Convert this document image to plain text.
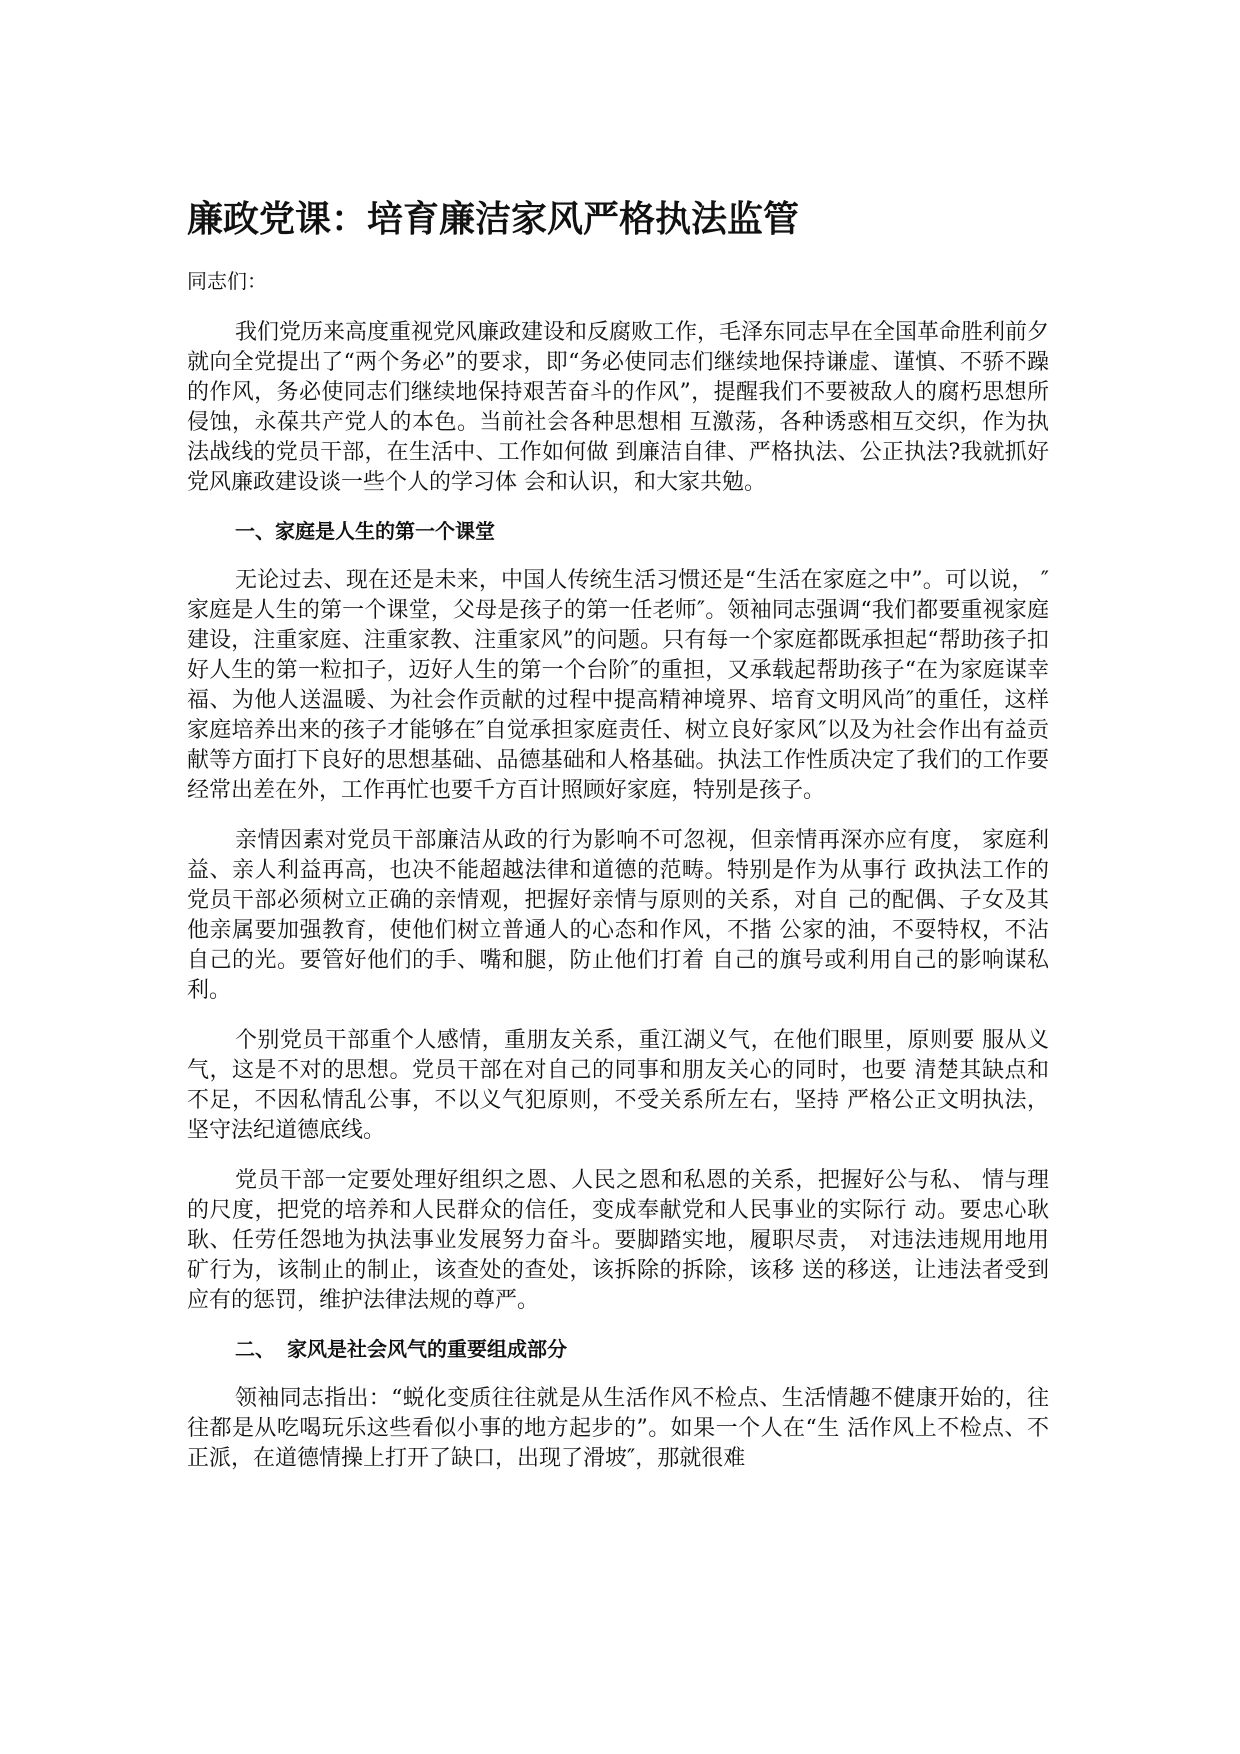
廉政党课：培育廉洁家风严格执法监管

同志们：

我们党历来高度重视党风廉政建设和反腐败工作，毛泽东同志早在全国革命胜利前夕就向全党提出了“两个务必”的要求，即“务必使同志们继续地保持谦虚、谨慎、不骄不躁的作风，务必使同志们继续地保持艰苦奋斗的作风”，提醒我们不要被敌人的腐朽思想所侵蚀，永葆共产党人的本色。当前社会各种思想相 互激荡，各种诱惑相互交织，作为执法战线的党员干部，在生活中、工作如何做 到廉洁自律、严格执法、公正执法?我就抓好党风廉政建设谈一些个人的学习体 会和认识，和大家共勉。

一、家庭是人生的第一个课堂

无论过去、现在还是未来，中国人传统生活习惯还是“生活在家庭之中”。可以说， ″家庭是人生的第一个课堂，父母是孩子的第一任老师″。领袖同志强调“我们都要重视家庭建设，注重家庭、注重家教、注重家风”的问题。只有每一个家庭都既承担起“帮助孩子扣好人生的第一粒扣子，迈好人生的第一个台阶″的重担，又承载起帮助孩子“在为家庭谋幸福、为他人送温暖、为社会作贡献的过程中提高精神境界、培育文明风尚″的重任，这样家庭培养出来的孩子才能够在″自觉承担家庭责任、树立良好家风″以及为社会作出有益贡献等方面打下良好的思想基础、品德基础和人格基础。执法工作性质决定了我们的工作要经常出差在外，工作再忙也要千方百计照顾好家庭，特别是孩子。

亲情因素对党员干部廉洁从政的行为影响不可忽视，但亲情再深亦应有度， 家庭利益、亲人利益再高，也决不能超越法律和道德的范畴。特别是作为从事行 政执法工作的党员干部必须树立正确的亲情观，把握好亲情与原则的关系，对自 己的配偶、子女及其他亲属要加强教育，使他们树立普通人的心态和作风，不揩 公家的油，不耍特权，不沾自己的光。要管好他们的手、嘴和腿，防止他们打着 自己的旗号或利用自己的影响谋私利。

个别党员干部重个人感情，重朋友关系，重江湖义气，在他们眼里，原则要 服从义气，这是不对的思想。党员干部在对自己的同事和朋友关心的同时，也要 清楚其缺点和不足，不因私情乱公事，不以义气犯原则，不受关系所左右，坚持 严格公正文明执法，坚守法纪道德底线。

党员干部一定要处理好组织之恩、人民之恩和私恩的关系，把握好公与私、 情与理的尺度，把党的培养和人民群众的信任，变成奉献党和人民事业的实际行 动。要忠心耿耿、任劳任怨地为执法事业发展努力奋斗。要脚踏实地，履职尽责， 对违法违规用地用矿行为，该制止的制止，该查处的查处，该拆除的拆除，该移 送的移送，让违法者受到应有的惩罚，维护法律法规的尊严。

二、 家风是社会风气的重要组成部分

领袖同志指出：“蜕化变质往往就是从生活作风不检点、生活情趣不健康开始的，往往都是从吃喝玩乐这些看似小事的地方起步的”。如果一个人在“生 活作风上不检点、不正派，在道德情操上打开了缺口，出现了滑坡″，那就很难
